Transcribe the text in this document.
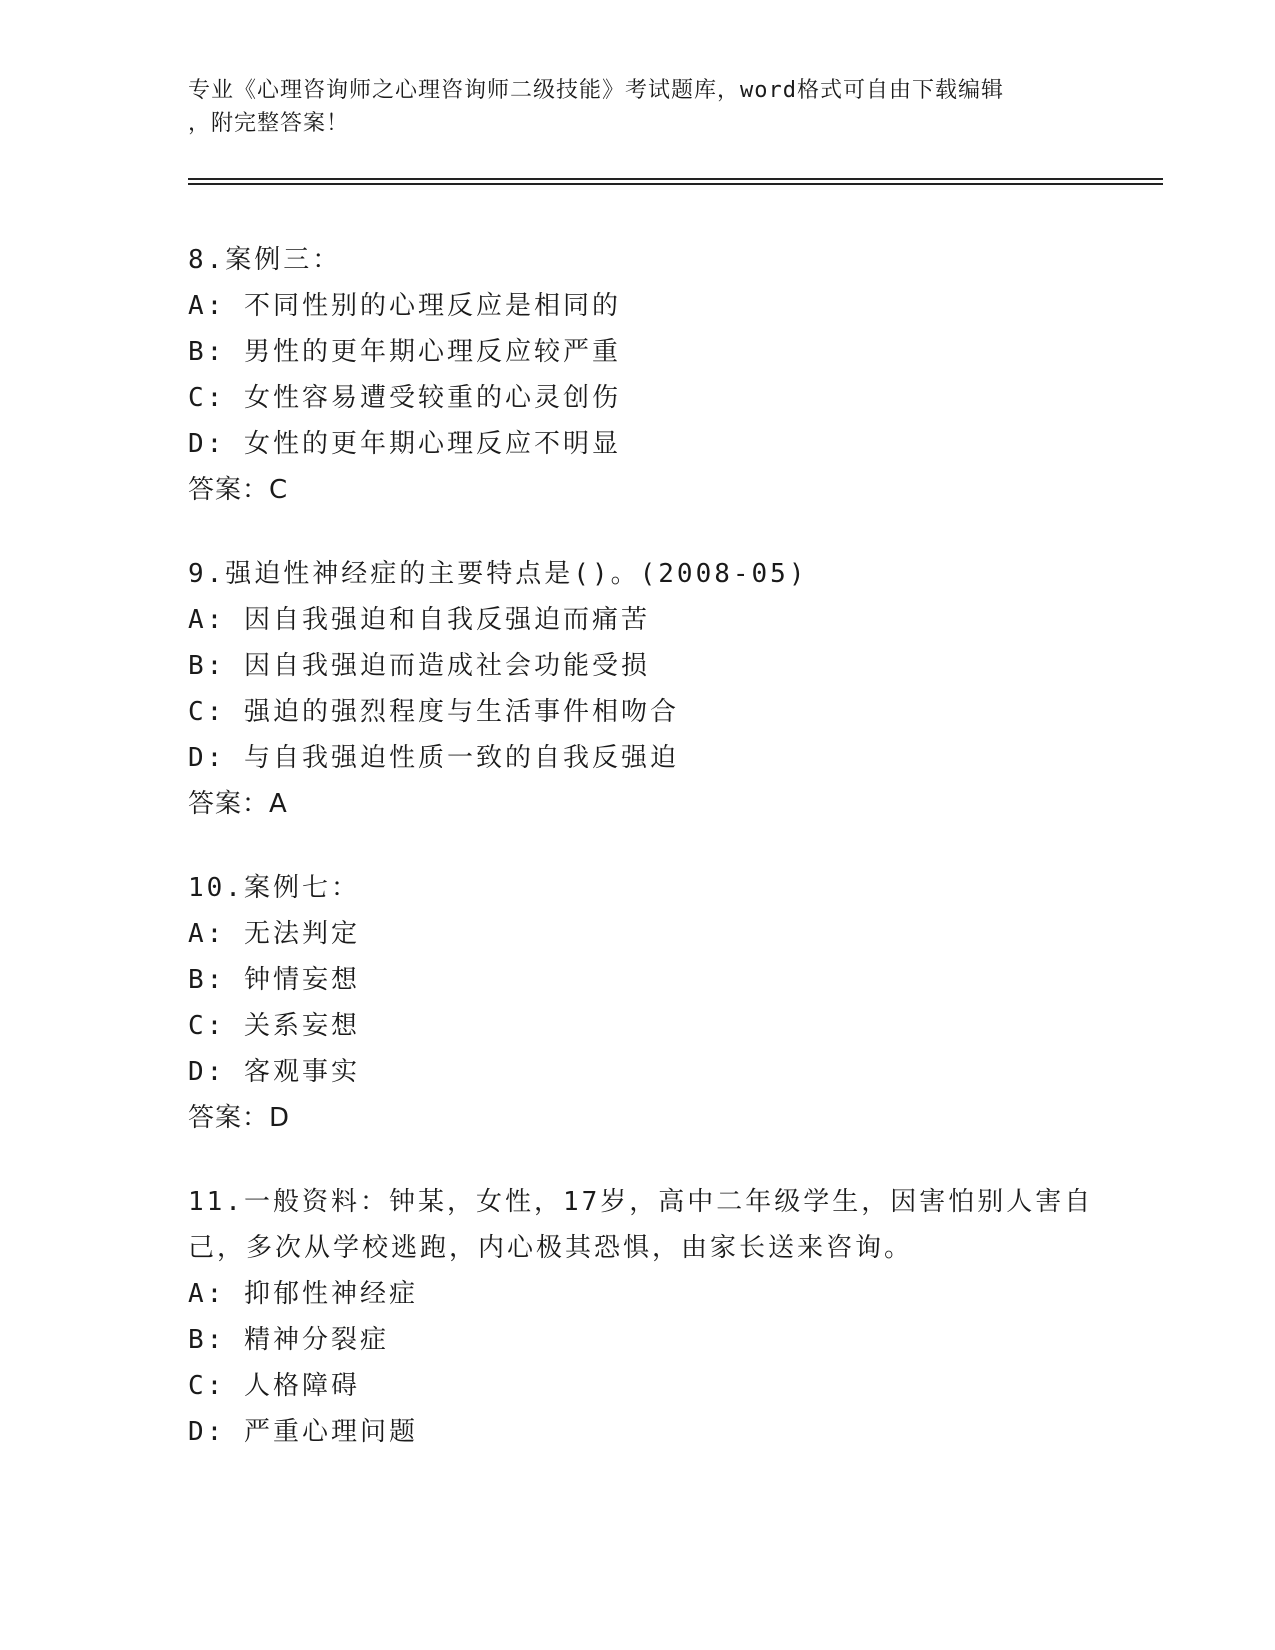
专业《心理咨询师之心理咨询师二级技能》考试题库，word格式可自由下载编辑
，附完整答案！
8.案例三：
A: 不同性别的心理反应是相同的
B: 男性的更年期心理反应较严重
C: 女性容易遭受较重的心灵创伤
D: 女性的更年期心理反应不明显
答案：C
9.强迫性神经症的主要特点是()。(2008-05)
A: 因自我强迫和自我反强迫而痛苦
B: 因自我强迫而造成社会功能受损
C: 强迫的强烈程度与生活事件相吻合
D: 与自我强迫性质一致的自我反强迫
答案：A
10.案例七：
A: 无法判定
B: 钟情妄想
C: 关系妄想
D: 客观事实
答案：D
11.一般资料：钟某，女性，17岁，高中二年级学生，因害怕别人害自
己，多次从学校逃跑，内心极其恐惧，由家长送来咨询。
A: 抑郁性神经症
B: 精神分裂症
C: 人格障碍
D: 严重心理问题
